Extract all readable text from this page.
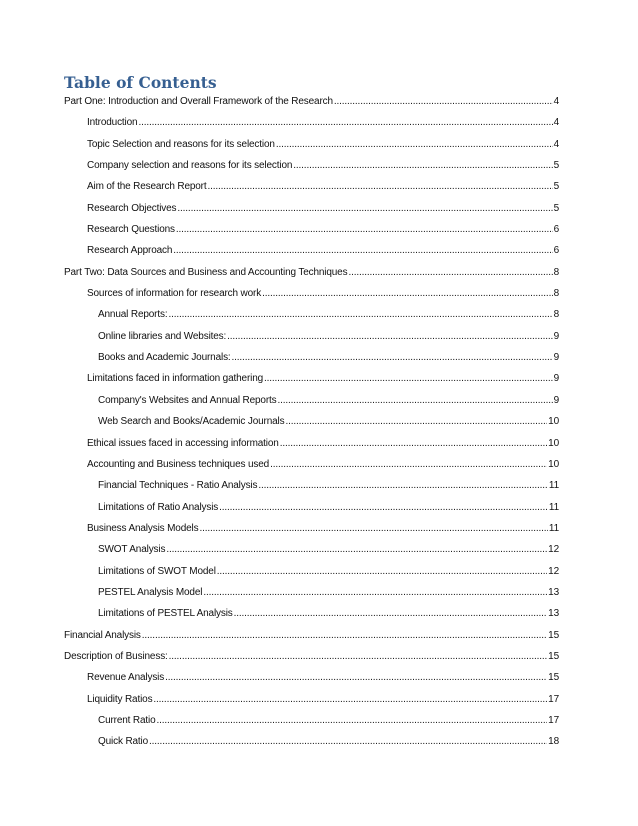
Table of Contents
Part One: Introduction and Overall Framework of the Research .....	4
Introduction .....	4
Topic Selection and reasons for its selection .....	4
Company selection and reasons for its selection .....	5
Aim of the Research Report .....	5
Research Objectives .....	5
Research Questions .....	6
Research Approach .....	6
Part Two: Data Sources and Business and Accounting Techniques .....	8
Sources of information for research work .....	8
Annual Reports: .....	8
Online libraries and Websites: .....	9
Books and Academic Journals: .....	9
Limitations faced in information gathering .....	9
Company's Websites and Annual Reports .....	9
Web Search and Books/Academic Journals .....	10
Ethical issues faced in accessing information .....	10
Accounting and Business techniques used .....	10
Financial Techniques - Ratio Analysis .....	11
Limitations of Ratio Analysis .....	11
Business Analysis Models .....	11
SWOT Analysis .....	12
Limitations of SWOT Model .....	12
PESTEL Analysis Model .....	13
Limitations of PESTEL Analysis .....	13
Financial Analysis .....	15
Description of Business: .....	15
Revenue Analysis .....	15
Liquidity Ratios .....	17
Current Ratio .....	17
Quick Ratio .....	18
